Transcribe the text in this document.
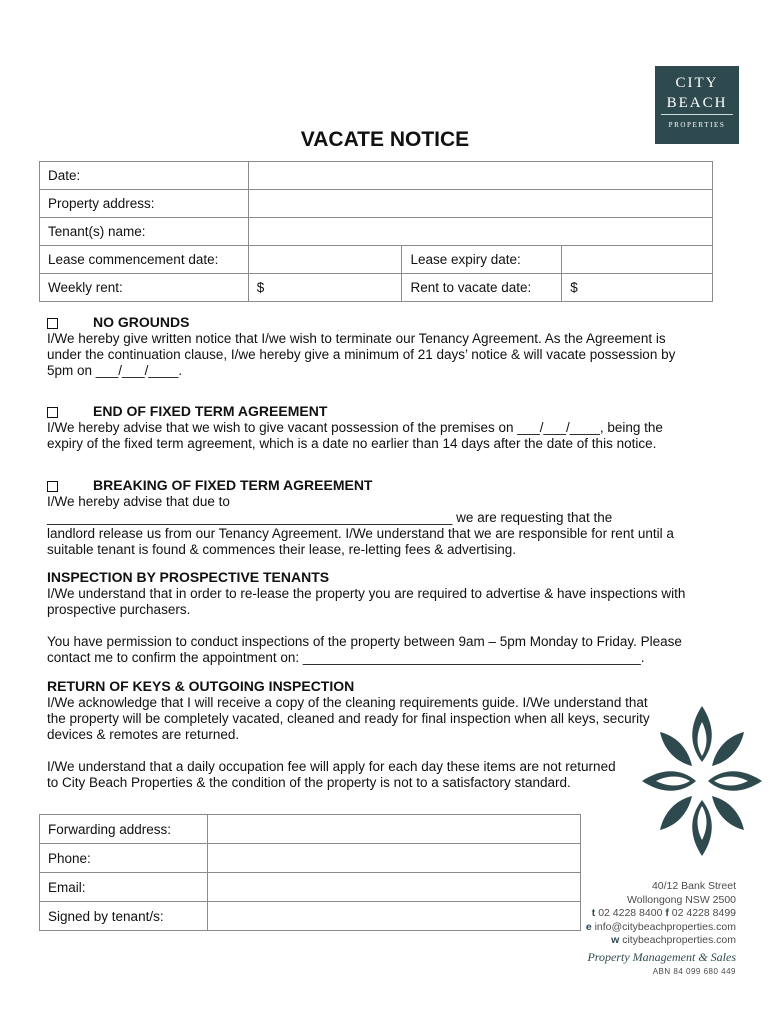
CITY
BEACH
PROPERTIES
VACATE NOTICE
Date:			
Property address:			
Tenant(s) name:			
Lease commencement date:		Lease expiry date:	
Weekly rent:	$	Rent to vacate date:	$
NO GROUNDS
I/We hereby give written notice that I/we wish to terminate our Tenancy Agreement. As the Agreement is
under the continuation clause, I/we hereby give a minimum of 21 days’ notice & will vacate possession by
5pm on ___/___/____.
END OF FIXED TERM AGREEMENT
I/We hereby advise that we wish to give vacant possession of the premises on ___/___/____, being the
expiry of the fixed term agreement, which is a date no earlier than 14 days after the date of this notice.
BREAKING OF FIXED TERM AGREEMENT
I/We hereby advise that due to
______________________________________________________ we are requesting that the
landlord release us from our Tenancy Agreement. I/We understand that we are responsible for rent until a
suitable tenant is found & commences their lease, re-letting fees & advertising.
INSPECTION BY PROSPECTIVE TENANTS
I/We understand that in order to re-lease the property you are required to advertise & have inspections with
prospective purchasers.
You have permission to conduct inspections of the property between 9am – 5pm Monday to Friday. Please
contact me to confirm the appointment on: _____________________________________________.
RETURN OF KEYS & OUTGOING INSPECTION
I/We acknowledge that I will receive a copy of the cleaning requirements guide. I/We understand that
the property will be completely vacated, cleaned and ready for final inspection when all keys, security
devices & remotes are returned.
I/We understand that a daily occupation fee will apply for each day these items are not returned
to City Beach Properties & the condition of the property is not to a satisfactory standard.
Forwarding address:	
Phone:	
Email:	
Signed by tenant/s:	
40/12 Bank Street
Wollongong NSW 2500
t 02 4228 8400 f 02 4228 8499
e info@citybeachproperties.com
w citybeachproperties.com
Property Management & Sales
ABN 84 099 680 449
